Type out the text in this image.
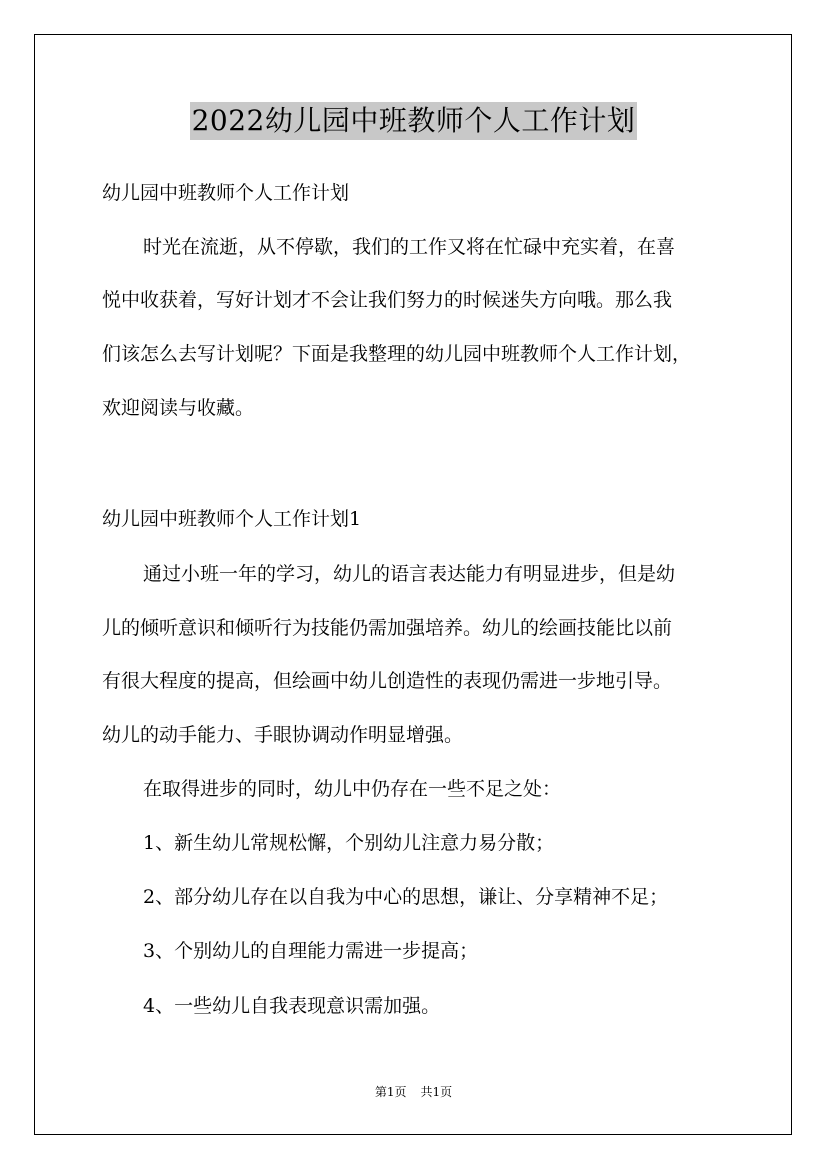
2022幼儿园中班教师个人工作计划
幼儿园中班教师个人工作计划
时光在流逝，从不停歇，我们的工作又将在忙碌中充实着，在喜
悦中收获着，写好计划才不会让我们努力的时候迷失方向哦。那么我
们该怎么去写计划呢？下面是我整理的幼儿园中班教师个人工作计划，
欢迎阅读与收藏。
幼儿园中班教师个人工作计划1
通过小班一年的学习，幼儿的语言表达能力有明显进步，但是幼
儿的倾听意识和倾听行为技能仍需加强培养。幼儿的绘画技能比以前
有很大程度的提高，但绘画中幼儿创造性的表现仍需进一步地引导。
幼儿的动手能力、手眼协调动作明显增强。
在取得进步的同时，幼儿中仍存在一些不足之处：
1、新生幼儿常规松懈，个别幼儿注意力易分散；
2、部分幼儿存在以自我为中心的思想，谦让、分享精神不足；
3、个别幼儿的自理能力需进一步提高；
4、一些幼儿自我表现意识需加强。
第1页 共1页
